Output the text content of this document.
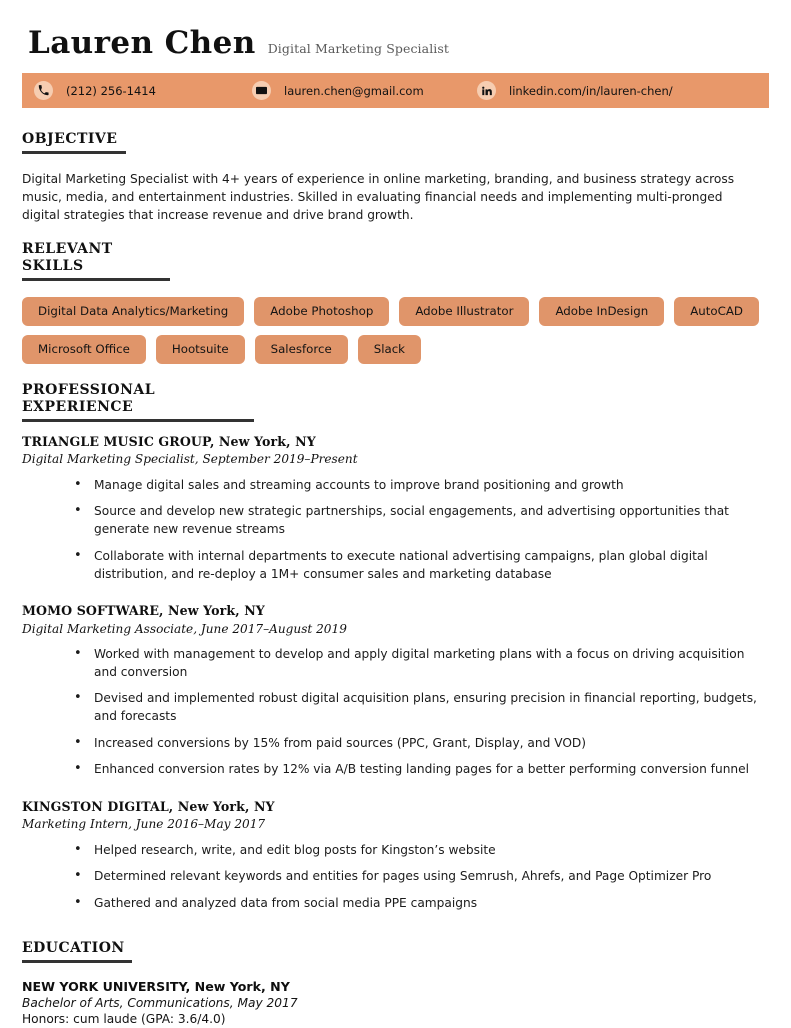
Lauren Chen Digital Marketing Specialist
(212) 256-1414	lauren.chen@gmail.com	linkedin.com/in/lauren-chen/
OBJECTIVE
Digital Marketing Specialist with 4+ years of experience in online marketing, branding, and business strategy across music, media, and entertainment industries. Skilled in evaluating financial needs and implementing multi-pronged digital strategies that increase revenue and drive brand growth.
RELEVANT
SKILLS
Digital Data Analytics/Marketing	Adobe Photoshop	Adobe Illustrator	Adobe InDesign	AutoCAD
Microsoft Office	Hootsuite	Salesforce	Slack
PROFESSIONAL
EXPERIENCE
TRIANGLE MUSIC GROUP, New York, NY
Digital Marketing Specialist, September 2019–Present
• Manage digital sales and streaming accounts to improve brand positioning and growth
• Source and develop new strategic partnerships, social engagements, and advertising opportunities that generate new revenue streams
• Collaborate with internal departments to execute national advertising campaigns, plan global digital distribution, and re-deploy a 1M+ consumer sales and marketing database
MOMO SOFTWARE, New York, NY
Digital Marketing Associate, June 2017–August 2019
• Worked with management to develop and apply digital marketing plans with a focus on driving acquisition and conversion
• Devised and implemented robust digital acquisition plans, ensuring precision in financial reporting, budgets, and forecasts
• Increased conversions by 15% from paid sources (PPC, Grant, Display, and VOD)
• Enhanced conversion rates by 12% via A/B testing landing pages for a better performing conversion funnel
KINGSTON DIGITAL, New York, NY
Marketing Intern, June 2016–May 2017
• Helped research, write, and edit blog posts for Kingston’s website
• Determined relevant keywords and entities for pages using Semrush, Ahrefs, and Page Optimizer Pro
• Gathered and analyzed data from social media PPE campaigns
EDUCATION
NEW YORK UNIVERSITY, New York, NY
Bachelor of Arts, Communications, May 2017
Honors: cum laude (GPA: 3.6/4.0)
